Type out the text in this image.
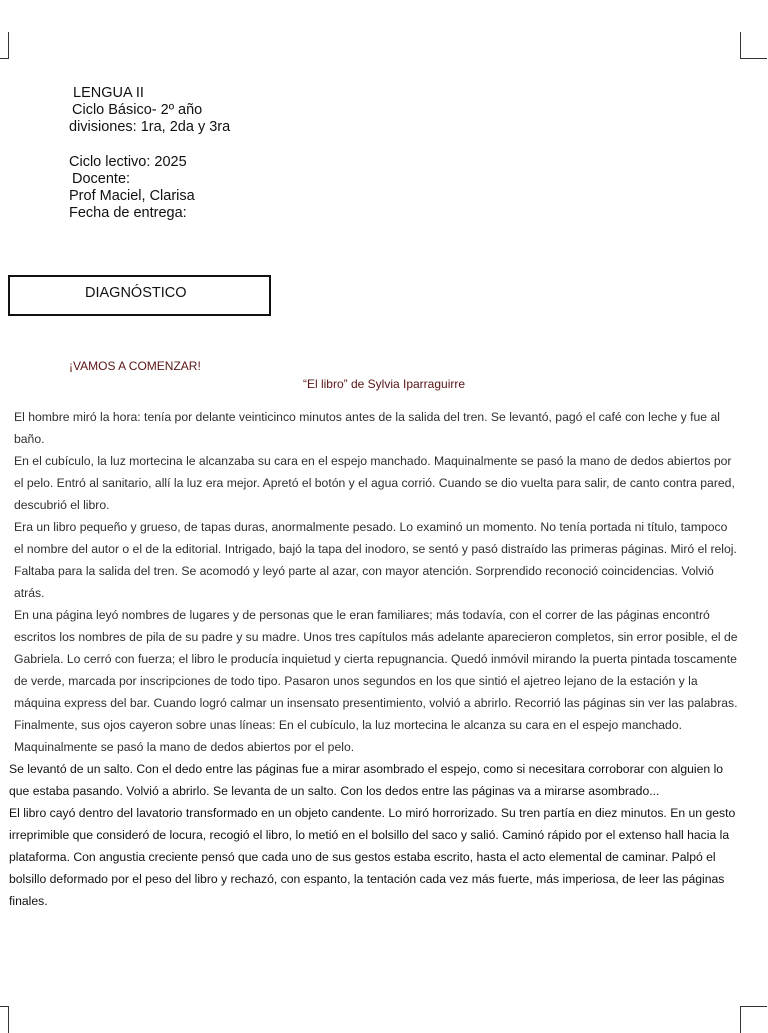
LENGUA II
Ciclo Básico- 2º año
divisiones: 1ra, 2da y 3ra
Ciclo lectivo: 2025
Docente:
Prof Maciel, Clarisa
Fecha de entrega:
DIAGNÓSTICO
¡VAMOS A COMENZAR!
“El libro” de Sylvia Iparraguirre

El hombre miró la hora: tenía por delante veinticinco minutos antes de la salida del tren. Se levantó, pagó el café con leche y fue al baño.

En el cubículo, la luz mortecina le alcanzaba su cara en el espejo manchado. Maquinalmente se pasó la mano de dedos abiertos por el pelo. Entró al sanitario, allí la luz era mejor. Apretó el botón y el agua corrió. Cuando se dio vuelta para salir, de canto contra pared, descubrió el libro.

Era un libro pequeño y grueso, de tapas duras, anormalmente pesado. Lo examinó un momento. No tenía portada ni título, tampoco el nombre del autor o el de la editorial. Intrigado, bajó la tapa del inodoro, se sentó y pasó distraído las primeras páginas. Miró el reloj. Faltaba para la salida del tren. Se acomodó y leyó parte al azar, con mayor atención. Sorprendido reconoció coincidencias. Volvió atrás.

En una página leyó nombres de lugares y de personas que le eran familiares; más todavía, con el correr de las páginas encontró escritos los nombres de pila de su padre y su madre. Unos tres capítulos más adelante aparecieron completos, sin error posible, el de Gabriela. Lo cerró con fuerza; el libro le producía inquietud y cierta repugnancia. Quedó inmóvil mirando la puerta pintada toscamente de verde, marcada por inscripciones de todo tipo. Pasaron unos segundos en los que sintió el ajetreo lejano de la estación y la máquina express del bar. Cuando logró calmar un insensato presentimiento, volvió a abrirlo. Recorrió las páginas sin ver las palabras. Finalmente, sus ojos cayeron sobre unas líneas: En el cubículo, la luz mortecina le alcanza su cara en el espejo manchado. Maquinalmente se pasó la mano de dedos abiertos por el pelo.

Se levantó de un salto. Con el dedo entre las páginas fue a mirar asombrado el espejo, como si necesitara corroborar con alguien lo que estaba pasando. Volvió a abrirlo. Se levanta de un salto. Con los dedos entre las páginas va a mirarse asombrado...

El libro cayó dentro del lavatorio transformado en un objeto candente. Lo miró horrorizado. Su tren partía en diez minutos. En un gesto irreprimible que consideró de locura, recogió el libro, lo metió en el bolsillo del saco y salió. Caminó rápido por el extenso hall hacia la plataforma. Con angustia creciente pensó que cada uno de sus gestos estaba escrito, hasta el acto elemental de caminar. Palpó el bolsillo deformado por el peso del libro y rechazó, con espanto, la tentación cada vez más fuerte, más imperiosa, de leer las páginas finales.
